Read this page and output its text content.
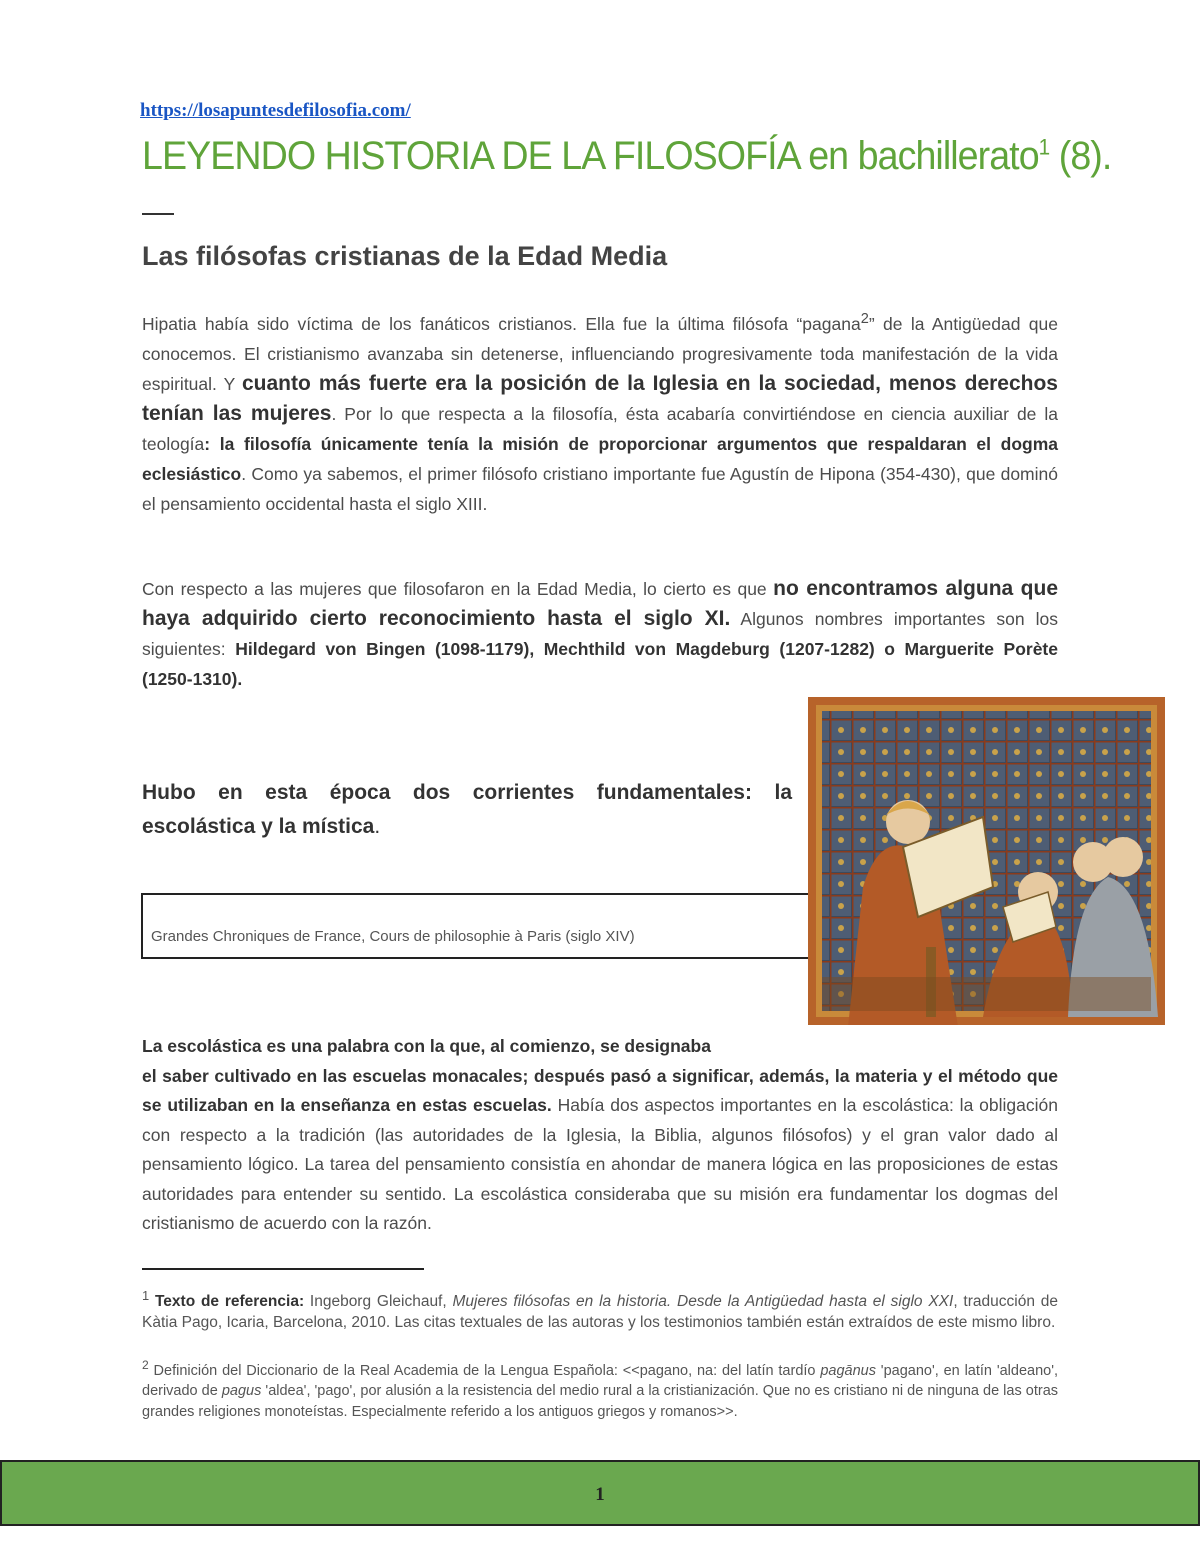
https://losapuntesdefilosofia.com/
LEYENDO HISTORIA DE LA FILOSOFÍA en bachillerato$^1$ (8).
Las filósofas cristianas de la Edad Media
Hipatia había sido víctima de los fanáticos cristianos. Ella fue la última filósofa “pagana$^2$” de la Antigüedad que conocemos. El cristianismo avanzaba sin detenerse, influenciando progresivamente toda manifestación de la vida espiritual. Y cuanto más fuerte era la posición de la Iglesia en la sociedad, menos derechos tenían las mujeres. Por lo que respecta a la filosofía, ésta acabaría convirtiéndose en ciencia auxiliar de la teología: la filosofía únicamente tenía la misión de proporcionar argumentos que respaldaran el dogma eclesiástico. Como ya sabemos, el primer filósofo cristiano importante fue Agustín de Hipona (354-430), que dominó el pensamiento occidental hasta el siglo XIII.
Con respecto a las mujeres que filosofaron en la Edad Media, lo cierto es que no encontramos alguna que haya adquirido cierto reconocimiento hasta el siglo XI. Algunos nombres importantes son los siguientes: Hildegard von Bingen (1098-1179), Mechthild von Magdeburg (1207-1282) o Marguerite Porète (1250-1310).
Hubo en esta época dos corrientes fundamentales: la escolástica y la mística.
Grandes Chroniques de France, Cours de philosophie à Paris (siglo XIV)
La escolástica es una palabra con la que, al comienzo, se designaba
el saber cultivado en las escuelas monacales; después pasó a significar, además, la materia y el método que se utilizaban en la enseñanza en estas escuelas. Había dos aspectos importantes en la escolástica: la obligación con respecto a la tradición (las autoridades de la Iglesia, la Biblia, algunos filósofos) y el gran valor dado al pensamiento lógico. La tarea del pensamiento consistía en ahondar de manera lógica en las proposiciones de estas autoridades para entender su sentido. La escolástica consideraba que su misión era fundamentar los dogmas del cristianismo de acuerdo con la razón.
$^1$ Texto de referencia: Ingeborg Gleichauf, Mujeres filósofas en la historia. Desde la Antigüedad hasta el siglo XXI, traducción de Kàtia Pago, Icaria, Barcelona, 2010. Las citas textuales de las autoras y los testimonios también están extraídos de este mismo libro.
$^2$ Definición del Diccionario de la Real Academia de la Lengua Española: <<pagano, na: del latín tardío pagānus 'pagano', en latín 'aldeano', derivado de pagus 'aldea', 'pago', por alusión a la resistencia del medio rural a la cristianización. Que no es cristiano ni de ninguna de las otras grandes religiones monoteístas. Especialmente referido a los antiguos griegos y romanos>>.
1
